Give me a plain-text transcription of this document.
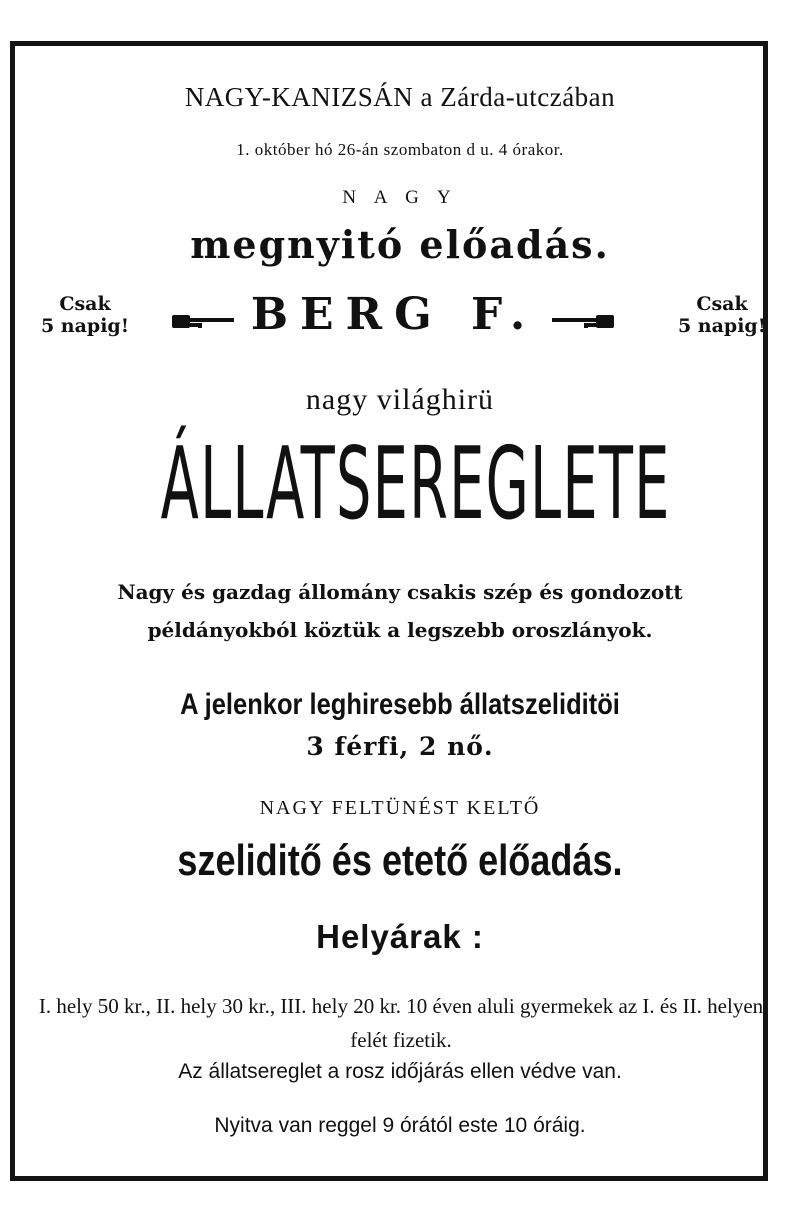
NAGY-KANIZSÁN a Zárda-utczában

1. október hó 26-án szombaton d u. 4 órakor.

N A G Y

megnyitó előadás.

Csak
5 napig!	BERG F.	Csak
5 napig!

nagy világhirü

ÁLLATSEREGLETE

Nagy és gazdag állomány csakis szép és gondozott példányokból köztük a legszebb oroszlányok.

A jelenkor leghiresebb állatszeliditöi

3 férfi, 2 nő.

NAGY FELTÜNÉST KELTŐ

szeliditő és etető előadás.

Helyárak :

I. hely 50 kr., II. hely 30 kr., III. hely 20 kr. 10 éven aluli gyermekek az I. és II. helyen felét fizetik.

Az állatsereglet a rosz időjárás ellen védve van.

Nyitva van reggel 9 órától este 10 óráig.
